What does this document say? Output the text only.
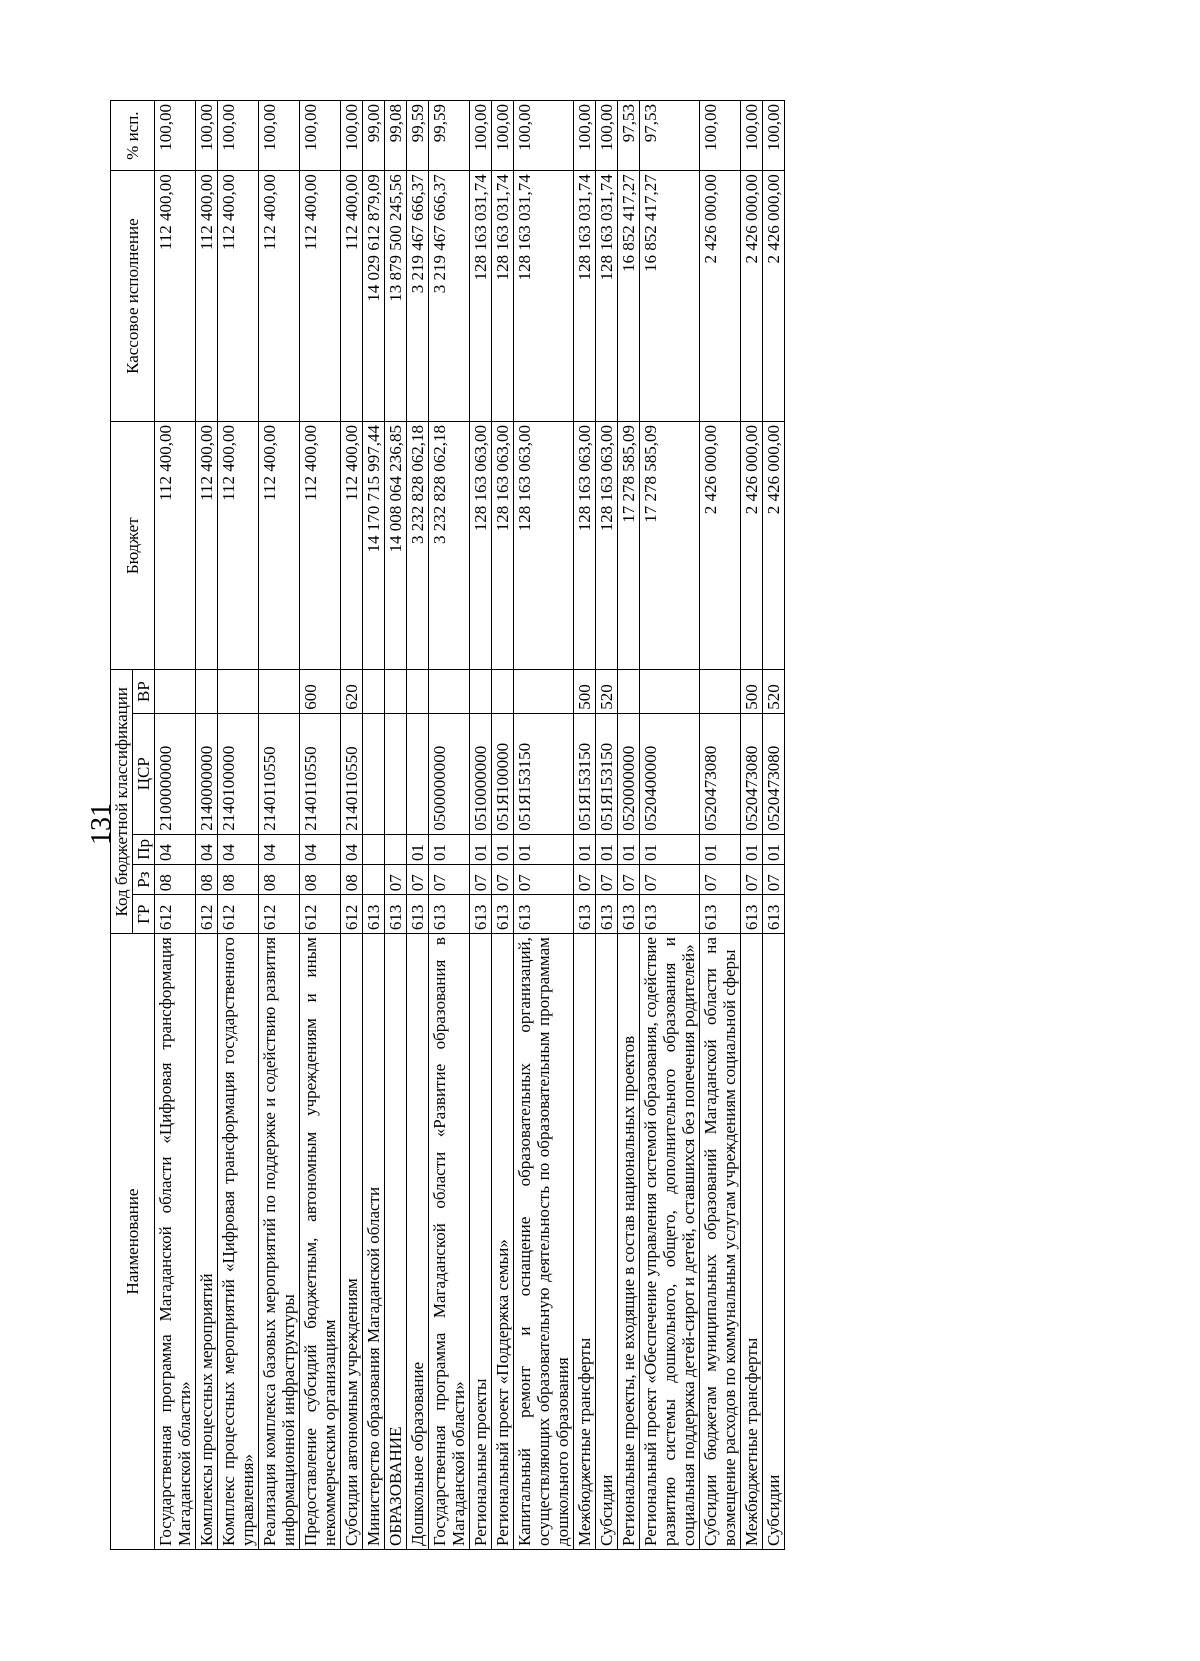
131
Наименование	Код бюджетной классификации					Бюджет	Кассовое исполнение	% исп.
	ГР	Рз	Пр	ЦСР	ВР			
Государственная программа Магаданской области «Цифровая трансформация Магаданской области»	612	08	04	2100000000		112 400,00	112 400,00	100,00
Комплексы процессных мероприятий	612	08	04	2140000000		112 400,00	112 400,00	100,00
Комплекс процессных мероприятий «Цифровая трансформация государственного управления»	612	08	04	2140100000		112 400,00	112 400,00	100,00
Реализация комплекса базовых мероприятий по поддержке и содействию развития информационной инфраструктуры	612	08	04	2140110550		112 400,00	112 400,00	100,00
Предоставление субсидий бюджетным, автономным учреждениям и иным некоммерческим организациям	612	08	04	2140110550	600	112 400,00	112 400,00	100,00
Субсидии автономным учреждениям	612	08	04	2140110550	620	112 400,00	112 400,00	100,00
Министерство образования Магаданской области	613					14 170 715 997,44	14 029 612 879,09	99,00
ОБРАЗОВАНИЕ	613	07				14 008 064 236,85	13 879 500 245,56	99,08
Дошкольное образование	613	07	01			3 232 828 062,18	3 219 467 666,37	99,59
Государственная программа Магаданской области «Развитие образования в Магаданской области»	613	07	01	0500000000		3 232 828 062,18	3 219 467 666,37	99,59
Региональные проекты	613	07	01	0510000000		128 163 063,00	128 163 031,74	100,00
Региональный проект «Поддержка семьи»	613	07	01	051Я100000		128 163 063,00	128 163 031,74	100,00
Капитальный ремонт и оснащение образовательных организаций, осуществляющих образовательную деятельность по образовательным программам дошкольного образования	613	07	01	051Я153150		128 163 063,00	128 163 031,74	100,00
Межбюджетные трансферты	613	07	01	051Я153150	500	128 163 063,00	128 163 031,74	100,00
Субсидии	613	07	01	051Я153150	520	128 163 063,00	128 163 031,74	100,00
Региональные проекты, не входящие в состав национальных проектов	613	07	01	0520000000		17 278 585,09	16 852 417,27	97,53
Региональный проект «Обеспечение управления системой образования, содействие развитию системы дошкольного, общего, дополнительного образования и социальная поддержка детей-сирот и детей, оставшихся без попечения родителей»	613	07	01	0520400000		17 278 585,09	16 852 417,27	97,53
Субсидии бюджетам муниципальных образований Магаданской области на возмещение расходов по коммунальным услугам учреждениям социальной сферы	613	07	01	0520473080		2 426 000,00	2 426 000,00	100,00
Межбюджетные трансферты	613	07	01	0520473080	500	2 426 000,00	2 426 000,00	100,00
Субсидии	613	07	01	0520473080	520	2 426 000,00	2 426 000,00	100,00
